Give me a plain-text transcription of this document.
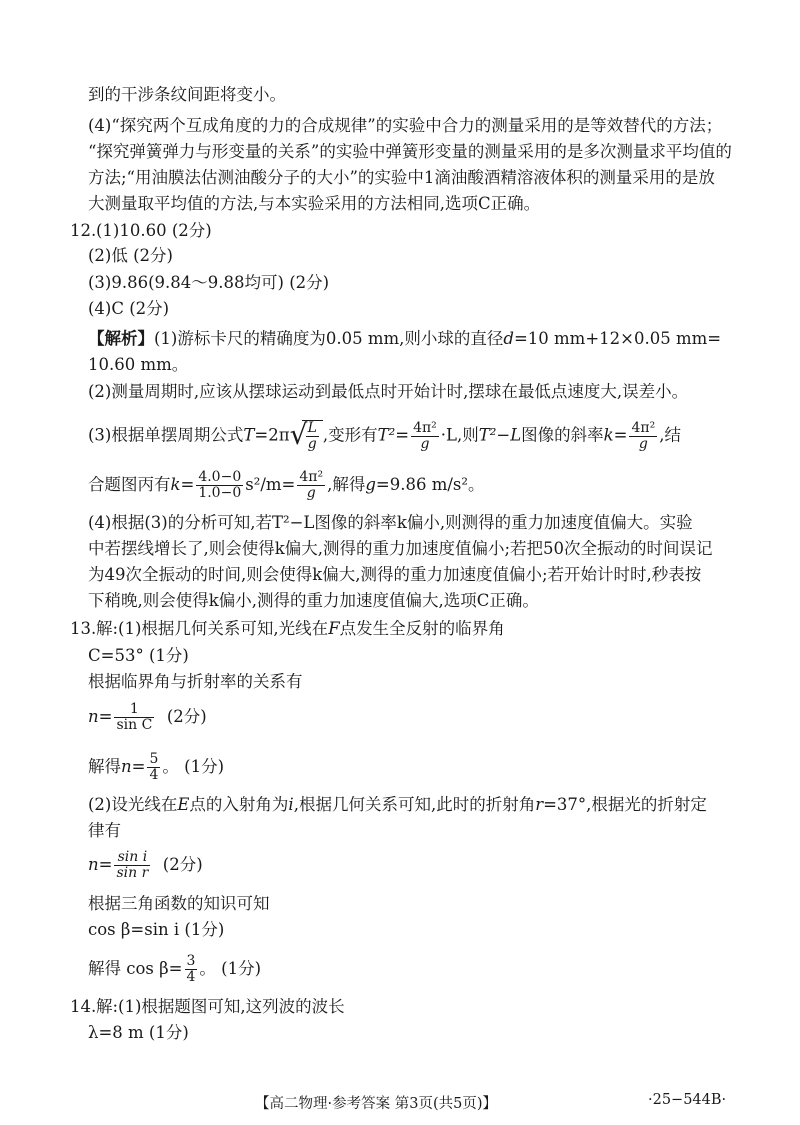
到的干涉条纹间距将变小。
(4)“探究两个互成角度的力的合成规律”的实验中合力的测量采用的是等效替代的方法；
“探究弹簧弹力与形变量的关系”的实验中弹簧形变量的测量采用的是多次测量求平均值的
方法;“用油膜法估测油酸分子的大小”的实验中1滴油酸酒精溶液体积的测量采用的是放
大测量取平均值的方法,与本实验采用的方法相同,选项C正确。
12. (1)10.60 (2分)
(2)低 (2分)
(3)9.86(9.84～9.88均可) (2分)
(4)C (2分)
【解析】(1)游标卡尺的精确度为0.05 mm,则小球的直径d=10 mm+12×0.05 mm=
10.60 mm。
(2)测量周期时,应该从摆球运动到最低点时开始计时,摆球在最低点速度大,误差小。
(3)根据单摆周期公式T=2π √
$\frac{L}{g}$ ,变形有$T^2= \frac{\text{4π²}}{g} \cdot L$,则T²−L图像的斜率$k= \frac{\text{4π²}}{g}$ ,结
合题图丙有$k= \frac{4.0-0}{1.0-0} s^2/m= \frac{\text{4π²}}{g}$ ,解得g=9.86 m/s²。
(4)根据(3)的分析可知,若T²−L图像的斜率k偏小,则测得的重力加速度值偏大。实验
中若摆线增长了,则会使得k偏大,测得的重力加速度值偏小;若把50次全振动的时间误记
为49次全振动的时间,则会使得k偏大,测得的重力加速度值偏小;若开始计时时,秒表按
下稍晚,则会使得k偏小,测得的重力加速度值偏大,选项C正确。
13. 解:(1)根据几何关系可知,光线在F点发生全反射的临界角
C=53° (1分)
根据临界角与折射率的关系有
$n= \frac{1}{\text{sin C}} (2$分)
解得$n= \frac{5}{4}$ 。 (1分)
(2)设光线在E点的入射角为i,根据几何关系可知,此时的折射角r=37°,根据光的折射定
律有
$n= \frac{\text{sin i}}{\text{sin r}} (2$分)
根据三角函数的知识可知
cos β=sin i (1分)
解得 $\cos \beta= \frac{3}{4}$ 。 (1分)
14. 解:(1)根据题图可知,这列波的波长
λ=8 m (1分)
【高二物理·参考答案 第3页(共5页)】	·25−544B·
